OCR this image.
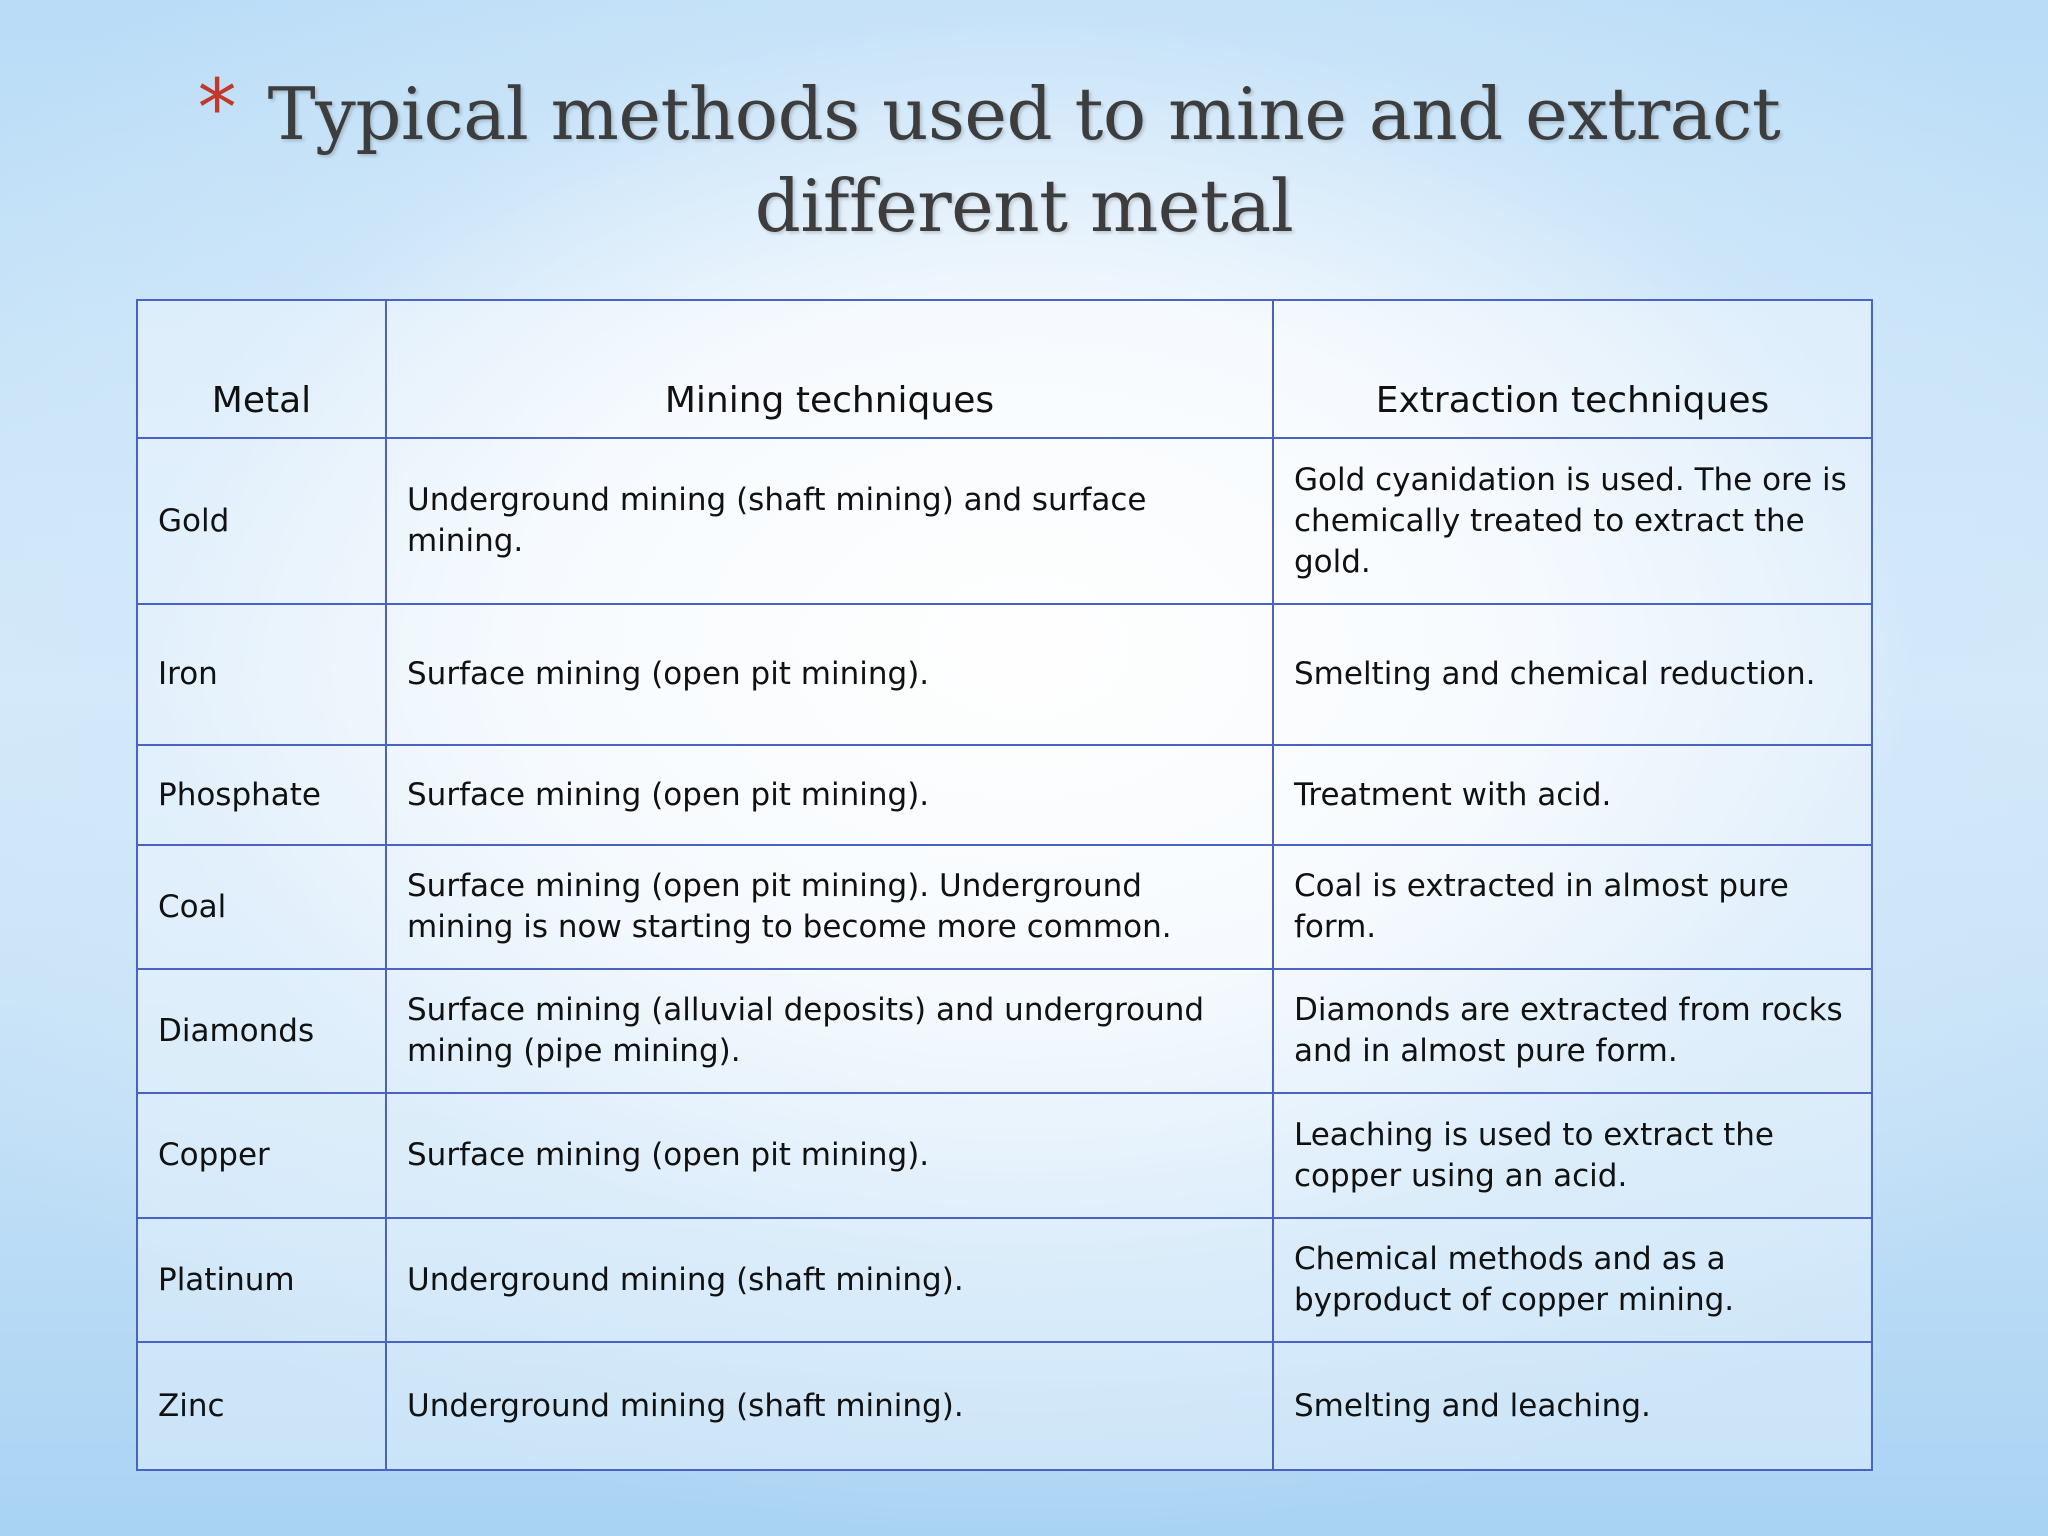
* Typical methods used to mine and extract
different metal
Metal	Mining techniques	Extraction techniques
Gold	Underground mining (shaft mining) and surface mining.	Gold cyanidation is used. The ore is chemically treated to extract the gold.
Iron	Surface mining (open pit mining).	Smelting and chemical reduction.
Phosphate	Surface mining (open pit mining).	Treatment with acid.
Coal	Surface mining (open pit mining). Underground mining is now starting to become more common.	Coal is extracted in almost pure form.
Diamonds	Surface mining (alluvial deposits) and underground mining (pipe mining).	Diamonds are extracted from rocks and in almost pure form.
Copper	Surface mining (open pit mining).	Leaching is used to extract the copper using an acid.
Platinum	Underground mining (shaft mining).	Chemical methods and as a byproduct of copper mining.
Zinc	Underground mining (shaft mining).	Smelting and leaching.
